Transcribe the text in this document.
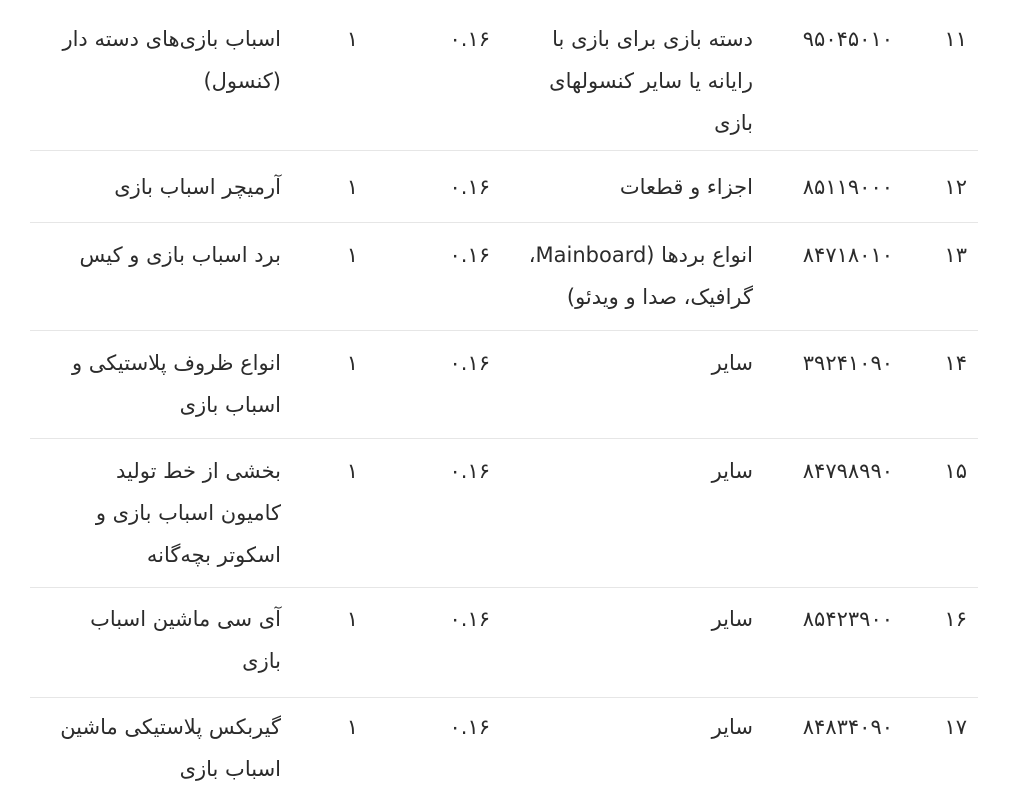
۱۱
۹۵۰۴۵۰۱۰
دسته بازی برای بازی با
رایانه یا سایر کنسولهای
بازی
۰.۱۶
۱
اسباب بازی‌های دسته دار
(کنسول)
۱۲
۸۵۱۱۹۰۰۰
اجزاء و قطعات
۰.۱۶
۱
آرمیچر اسباب بازی
۱۳
۸۴۷۱۸۰۱۰
انواع بردها (Mainboard،
گرافیک، صدا و ویدئو)
۰.۱۶
۱
برد اسباب بازی و کیس
۱۴
۳۹۲۴۱۰۹۰
سایر
۰.۱۶
۱
انواع ظروف پلاستیکی و
اسباب بازی
۱۵
۸۴۷۹۸۹۹۰
سایر
۰.۱۶
۱
بخشی از خط تولید
کامیون اسباب بازی و
اسکوتر بچه‌گانه
۱۶
۸۵۴۲۳۹۰۰
سایر
۰.۱۶
۱
آی سی ماشین اسباب
بازی
۱۷
۸۴۸۳۴۰۹۰
سایر
۰.۱۶
۱
گیربکس پلاستیکی ماشین
اسباب بازی
